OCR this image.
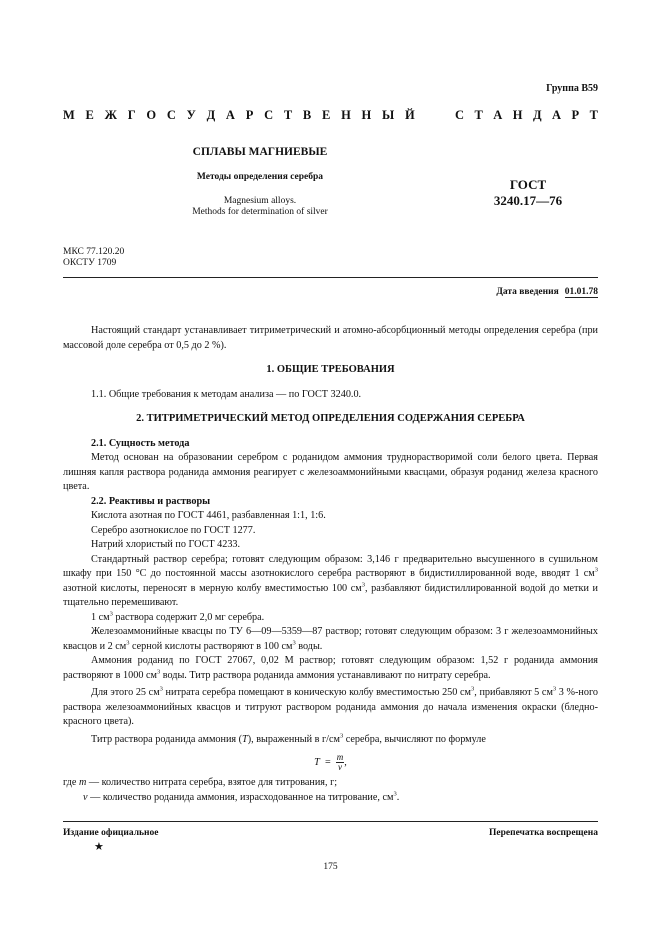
Группа В59
М Е Ж Г О С У Д А Р С Т В Е Н Н Ы Й	С Т А Н Д А Р Т
СПЛАВЫ МАГНИЕВЫЕ
Методы определения серебра
Magnesium alloys.
Methods for determination of silver
ГОСТ
3240.17—76
МКС 77.120.20
ОКСТУ 1709
Дата введения 01.01.78

Настоящий стандарт устанавливает титриметрический и атомно-абсорбционный методы определения серебра (при массовой доле серебра от 0,5 до 2 %).

1. ОБЩИЕ ТРЕБОВАНИЯ

1.1. Общие требования к методам анализа — по ГОСТ 3240.0.

2. ТИТРИМЕТРИЧЕСКИЙ МЕТОД ОПРЕДЕЛЕНИЯ СОДЕРЖАНИЯ СЕРЕБРА

2.1. Сущность метода

Метод основан на образовании серебром с роданидом аммония труднорастворимой соли белого цвета. Первая лишняя капля раствора роданида аммония реагирует с железоаммонийными квасцами, образуя роданид железа красного цвета.

2.2. Реактивы и растворы

Кислота азотная по ГОСТ 4461, разбавленная 1:1, 1:6.

Серебро азотнокислое по ГОСТ 1277.

Натрий хлористый по ГОСТ 4233.

Стандартный раствор серебра; готовят следующим образом: 3,146 г предварительно высушенного в сушильном шкафу при 150 °С до постоянной массы азотнокислого серебра растворяют в бидистиллированной воде, вводят 1 $см^3$ азотной кислоты, переносят в мерную колбу вместимостью 100 $см^3$, разбавляют бидистиллированной водой до метки и тщательно перемешивают.

1 $см^3$ раствора содержит 2,0 мг серебра.

Железоаммонийные квасцы по ТУ 6—09—5359—87 раствор; готовят следующим образом: 3 г железоаммонийных квасцов и 2 $см^3$ серной кислоты растворяют в 100 $см^3$ воды.

Аммония роданид по ГОСТ 27067, 0,02 М раствор; готовят следующим образом: 1,52 г роданида аммония растворяют в 1000 $см^3$ воды. Титр раствора роданида аммония устанавливают по нитрату серебра.

Для этого 25 $см^3$ нитрата серебра помещают в коническую колбу вместимостью 250 $см^3$, прибавляют 5 $см^3$ 3 %-ного раствора железоаммонийных квасцов и титруют раствором роданида аммония до начала изменения окраски (бледно-красного цвета).

Титр раствора роданида аммония (T), выраженный в $г/см^3$ серебра, вычисляют по формуле

$T = \frac{m}{v}$ ,

где m — количество нитрата серебра, взятое для титрования, г;

v — количество роданида аммония, израсходованное на титрование, $см^3$.

Издание официальное	Перепечатка воспрещена
★
175
